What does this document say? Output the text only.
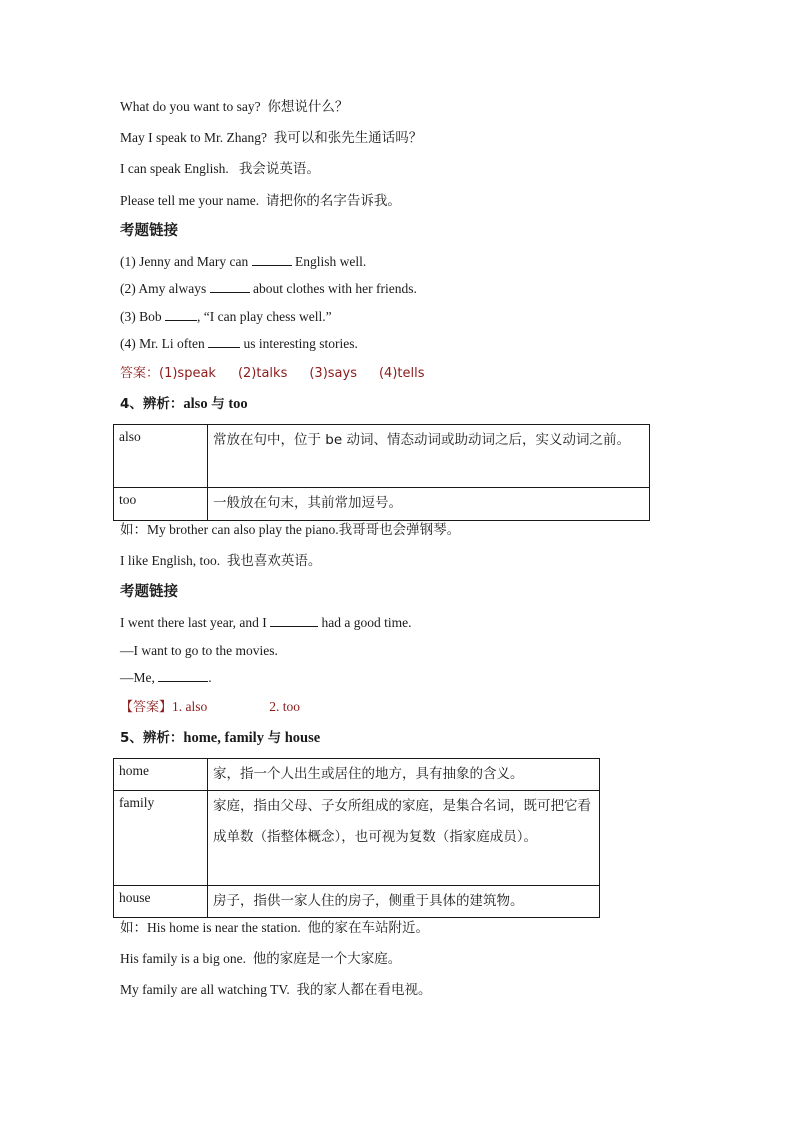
What do you want to say? 你想说什么？
May I speak to Mr. Zhang? 我可以和张先生通话吗？
I can speak English. 我会说英语。
Please tell me your name. 请把你的名字告诉我。
考题链接
(1) Jenny and Mary can	English well.
(2) Amy always	about clothes with her friends.
(3) Bob	, “I can play chess well.”
(4) Mr. Li often	us interesting stories.
答案：(1)speak (2)talks (3)says (4)tells
4、辨析：also 与 too
also	常放在句中，位于 be 动词、情态动词或助动词之后，实义动词之前。
too	一般放在句末，其前常加逗号。
如：My brother can also play the piano.我哥哥也会弹钢琴。
I like English, too. 我也喜欢英语。
考题链接
I went there last year, and I	had a good time.
—I want to go to the movies.
—Me,	.
【答案】1. also	2. too
5、辨析：home, family 与 house
home	家，指一个人出生或居住的地方，具有抽象的含义。
family	家庭，指由父母、子女所组成的家庭，是集合名词，既可把它看成单数（指整体概念），也可视为复数（指家庭成员）。
house	房子，指供一家人住的房子，侧重于具体的建筑物。
如：His home is near the station. 他的家在车站附近。
His family is a big one. 他的家庭是一个大家庭。
My family are all watching TV. 我的家人都在看电视。
